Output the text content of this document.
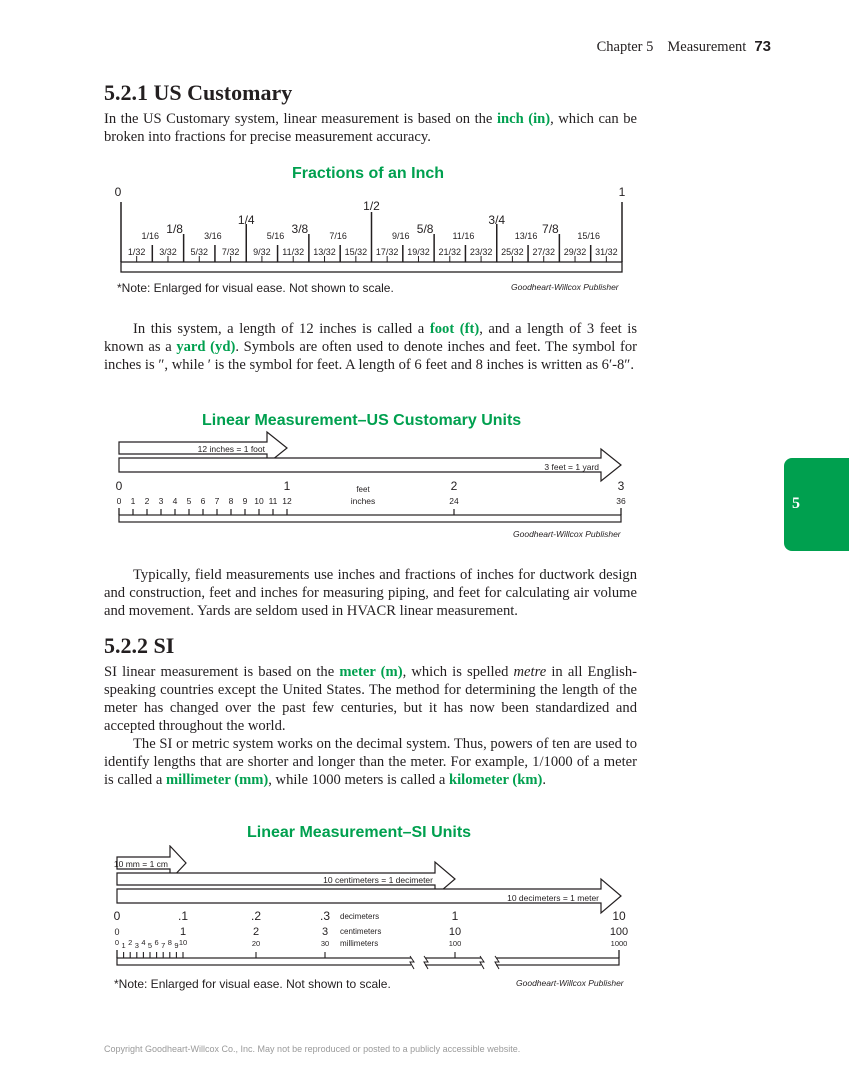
Chapter 5 Measurement 73
5
5.2.1 US Customary

In the US Customary system, linear measurement is based on the inch (in), which can be broken into fractions for precise measurement accuracy.

Fractions of an Inch
0	1
1/2
1/4	3/4
1/8	3/8	5/8	7/8
1/16	3/16	5/16	7/16	9/16	11/16	13/16	15/16
1/32 3/32 5/32 7/32 9/32 11/32 13/32 15/32 17/32 19/32 21/32 23/32 25/32 27/32 29/32 31/32
*Note: Enlarged for visual ease. Not shown to scale.	Goodheart-Willcox Publisher

In this system, a length of 12 inches is called a foot (ft), and a length of 3 feet is known as a yard (yd). Symbols are often used to denote inches and feet. The symbol for inches is ″, while ′ is the symbol for feet. A length of 6 feet and 8 inches is written as 6′-8″.

Linear Measurement–US Customary Units
12 inches = 1 foot
3 feet = 1 yard
0	1	2	3
feet
0 1 2 3 4 5 6 7 8 9 10 11 12	inches	24	36
Goodheart-Willcox Publisher

Typically, field measurements use inches and fractions of inches for ductwork design and construction, feet and inches for measuring piping, and feet for calculating air volume and movement. Yards are seldom used in HVACR linear measurement.

5.2.2 SI

SI linear measurement is based on the meter (m), which is spelled metre in all English-speaking countries except the United States. The method for determining the length of the meter has changed over the past few centuries, but it has now been standardized and accepted throughout the world.

The SI or metric system works on the decimal system. Thus, powers of ten are used to identify lengths that are shorter and longer than the meter. For example, 1/1000 of a meter is called a millimeter (mm), while 1000 meters is called a kilometer (km).

Linear Measurement–SI Units
10 mm = 1 cm
10 centimeters = 1 decimeter
10 decimeters = 1 meter
0	.1	.2	.3	1	10
decimeters
0	1	2	3	10	100
centimeters
0 1 2 3 4 5 6 7 8 9 10	20	30	100	1000
millimeters
*Note: Enlarged for visual ease. Not shown to scale.	Goodheart-Willcox Publisher
Copyright Goodheart-Willcox Co., Inc. May not be reproduced or posted to a publicly accessible website.
